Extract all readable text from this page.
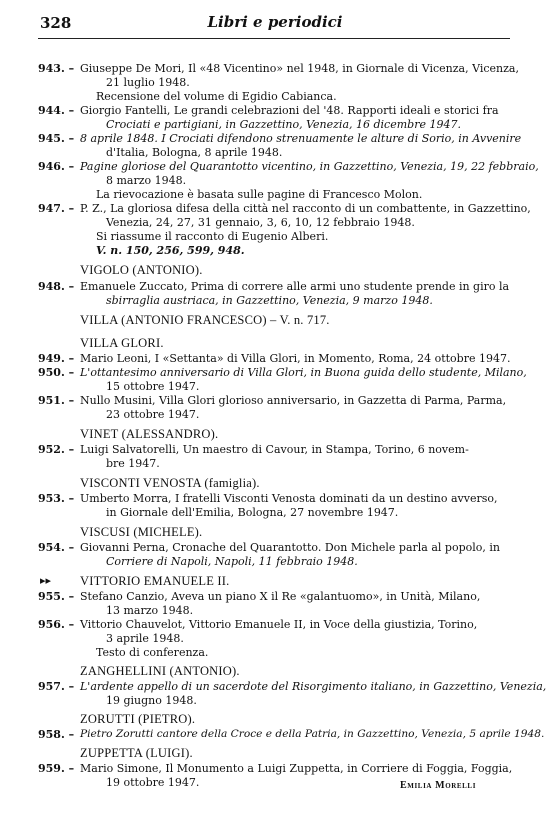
328	Libri e periodici
943. – Giuseppe De Mori, Il «48 Vicentino» nel 1948, in Giornale di Vicenza, Vicenza,
21 luglio 1948.
Recensione del volume di Egidio Cabianca.
944. – Giorgio Fantelli, Le grandi celebrazioni del '48. Rapporti ideali e storici fra
Crociati e partigiani, in Gazzettino, Venezia, 16 dicembre 1947.
945. – 8 aprile 1848. I Crociati difendono strenuamente le alture di Sorio, in Avvenire
d'Italia, Bologna, 8 aprile 1948.
946. – Pagine gloriose del Quarantotto vicentino, in Gazzettino, Venezia, 19, 22 febbraio,
8 marzo 1948.
La rievocazione è basata sulle pagine di Francesco Molon.
947. – P. Z., La gloriosa difesa della città nel racconto di un combattente, in Gazzettino,
Venezia, 24, 27, 31 gennaio, 3, 6, 10, 12 febbraio 1948.
Si riassume il racconto di Eugenio Alberi.
V. n. 150, 256, 599, 948.
VIGOLO (ANTONIO).
948. – Emanuele Zuccato, Prima di correre alle armi uno studente prende in giro la
sbirraglia austriaca, in Gazzettino, Venezia, 9 marzo 1948.
VILLA (ANTONIO FRANCESCO) – V. n. 717.
VILLA GLORI.
949. – Mario Leoni, I «Settanta» di Villa Glori, in Momento, Roma, 24 ottobre 1947.
950. – L'ottantesimo anniversario di Villa Glori, in Buona guida dello studente, Milano,
15 ottobre 1947.
951. – Nullo Musini, Villa Glori glorioso anniversario, in Gazzetta di Parma, Parma,
23 ottobre 1947.
VINET (ALESSANDRO).
952. – Luigi Salvatorelli, Un maestro di Cavour, in Stampa, Torino, 6 novem-
bre 1947.
VISCONTI VENOSTA (famiglia).
953. – Umberto Morra, I fratelli Visconti Venosta dominati da un destino avverso,
in Giornale dell'Emilia, Bologna, 27 novembre 1947.
VISCUSI (MICHELE).
954. – Giovanni Perna, Cronache del Quarantotto. Don Michele parla al popolo, in
Corriere di Napoli, Napoli, 11 febbraio 1948.
▸▸ VITTORIO EMANUELE II.
955. – Stefano Canzio, Aveva un piano X il Re «galantuomo», in Unità, Milano,
13 marzo 1948.
956. – Vittorio Chauvelot, Vittorio Emanuele II, in Voce della giustizia, Torino,
3 aprile 1948.
Testo di conferenza.
ZANGHELLINI (ANTONIO).
957. – L'ardente appello di un sacerdote del Risorgimento italiano, in Gazzettino, Venezia,
19 giugno 1948.
ZORUTTI (PIETRO).
958. – Pietro Zorutti cantore della Croce e della Patria, in Gazzettino, Venezia, 5 aprile 1948.
ZUPPETTA (LUIGI).
959. – Mario Simone, Il Monumento a Luigi Zuppetta, in Corriere di Foggia, Foggia,
19 ottobre 1947.	Emilia Morelli
